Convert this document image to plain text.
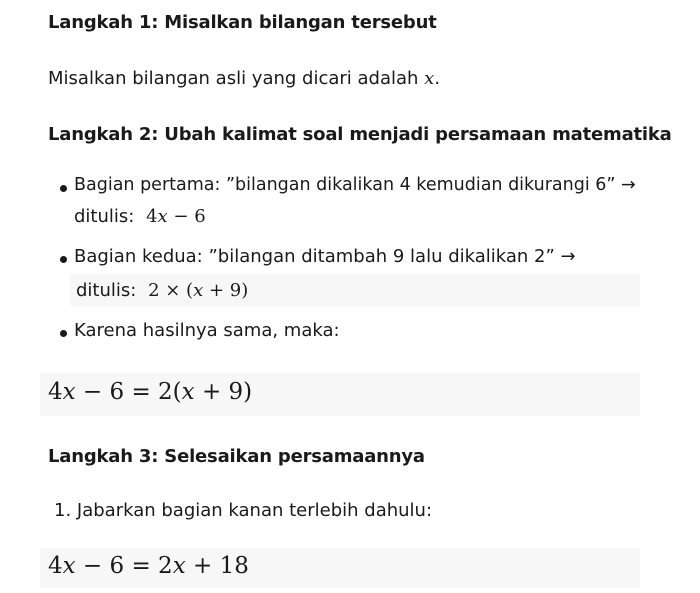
Langkah 1: Misalkan bilangan tersebut
Misalkan bilangan asli yang dicari adalah x.
Langkah 2: Ubah kalimat soal menjadi persamaan matematika
Bagian pertama: ”bilangan dikalikan 4 kemudian dikurangi 6” →
ditulis: 4x − 6
Bagian kedua: ”bilangan ditambah 9 lalu dikalikan 2” →
ditulis: 2 × (x + 9)
Karena hasilnya sama, maka:
4x − 6 = 2(x + 9)
Langkah 3: Selesaikan persamaannya
1. Jabarkan bagian kanan terlebih dahulu:
4x − 6 = 2x + 18
